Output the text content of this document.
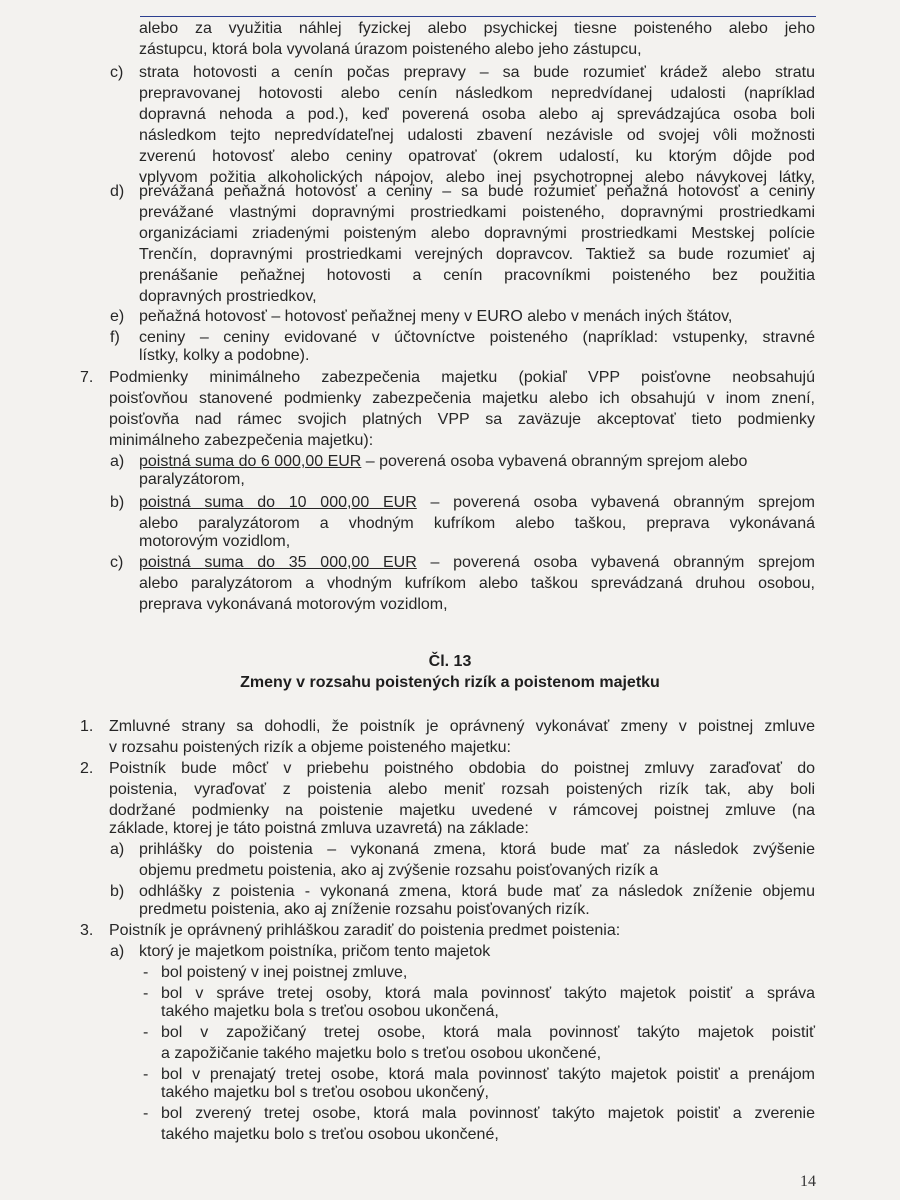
alebo za využitia náhlej fyzickej alebo psychickej tiesne poisteného alebo jeho
zástupcu, ktorá bola vyvolaná úrazom poisteného alebo jeho zástupcu,
c) strata hotovosti a cenín počas prepravy – sa bude rozumieť krádež alebo stratu
prepravovanej hotovosti alebo cenín následkom nepredvídanej udalosti (napríklad
dopravná nehoda a pod.), keď poverená osoba alebo aj sprevádzajúca osoba boli
následkom tejto nepredvídateľnej udalosti zbavení nezávisle od svojej vôli možnosti
zverenú hotovosť alebo ceniny opatrovať (okrem udalostí, ku ktorým dôjde pod
vplyvom požitia alkoholických nápojov, alebo inej psychotropnej alebo návykovej látky,
d) prevážaná peňažná hotovosť a ceniny – sa bude rozumieť peňažná hotovosť a ceniny
prevážané vlastnými dopravnými prostriedkami poisteného, dopravnými prostriedkami
organizáciami zriadenými poisteným alebo dopravnými prostriedkami Mestskej polície
Trenčín, dopravnými prostriedkami verejných dopravcov. Taktiež sa bude rozumieť aj
prenášanie peňažnej hotovosti a cenín pracovníkmi poisteného bez použitia
dopravných prostriedkov,
e) peňažná hotovosť – hotovosť peňažnej meny v EURO alebo v menách iných štátov,
f) ceniny – ceniny evidované v účtovníctve poisteného (napríklad: vstupenky, stravné
lístky, kolky a podobne).
7. Podmienky minimálneho zabezpečenia majetku (pokiaľ VPP poisťovne neobsahujú
poisťovňou stanovené podmienky zabezpečenia majetku alebo ich obsahujú v inom znení,
poisťovňa nad rámec svojich platných VPP sa zaväzuje akceptovať tieto podmienky
minimálneho zabezpečenia majetku):
a) poistná suma do 6 000,00 EUR – poverená osoba vybavená obranným sprejom alebo
paralyzátorom,
b) poistná suma do 10 000,00 EUR – poverená osoba vybavená obranným sprejom
alebo paralyzátorom a vhodným kufríkom alebo taškou, preprava vykonávaná
motorovým vozidlom,
c) poistná suma do 35 000,00 EUR – poverená osoba vybavená obranným sprejom
alebo paralyzátorom a vhodným kufríkom alebo taškou sprevádzaná druhou osobou,
preprava vykonávaná motorovým vozidlom,
Čl. 13
Zmeny v rozsahu poistených rizík a poistenom majetku
1. Zmluvné strany sa dohodli, že poistník je oprávnený vykonávať zmeny v poistnej zmluve
v rozsahu poistených rizík a objeme poisteného majetku:
2. Poistník bude môcť v priebehu poistného obdobia do poistnej zmluvy zaraďovať do
poistenia, vyraďovať z poistenia alebo meniť rozsah poistených rizík tak, aby boli
dodržané podmienky na poistenie majetku uvedené v rámcovej poistnej zmluve (na
základe, ktorej je táto poistná zmluva uzavretá) na základe:
a) prihlášky do poistenia – vykonaná zmena, ktorá bude mať za následok zvýšenie
objemu predmetu poistenia, ako aj zvýšenie rozsahu poisťovaných rizík a
b) odhlášky z poistenia - vykonaná zmena, ktorá bude mať za následok zníženie objemu
predmetu poistenia, ako aj zníženie rozsahu poisťovaných rizík.
3. Poistník je oprávnený prihláškou zaradiť do poistenia predmet poistenia:
a) ktorý je majetkom poistníka, pričom tento majetok
- bol poistený v inej poistnej zmluve,
- bol v správe tretej osoby, ktorá mala povinnosť takýto majetok poistiť a správa
takého majetku bola s treťou osobou ukončená,
- bol v zapožičaný tretej osobe, ktorá mala povinnosť takýto majetok poistiť
a zapožičanie takého majetku bolo s treťou osobou ukončené,
- bol v prenajatý tretej osobe, ktorá mala povinnosť takýto majetok poistiť a prenájom
takého majetku bol s treťou osobou ukončený,
- bol zverený tretej osobe, ktorá mala povinnosť takýto majetok poistiť a zverenie
takého majetku bolo s treťou osobou ukončené,
14
